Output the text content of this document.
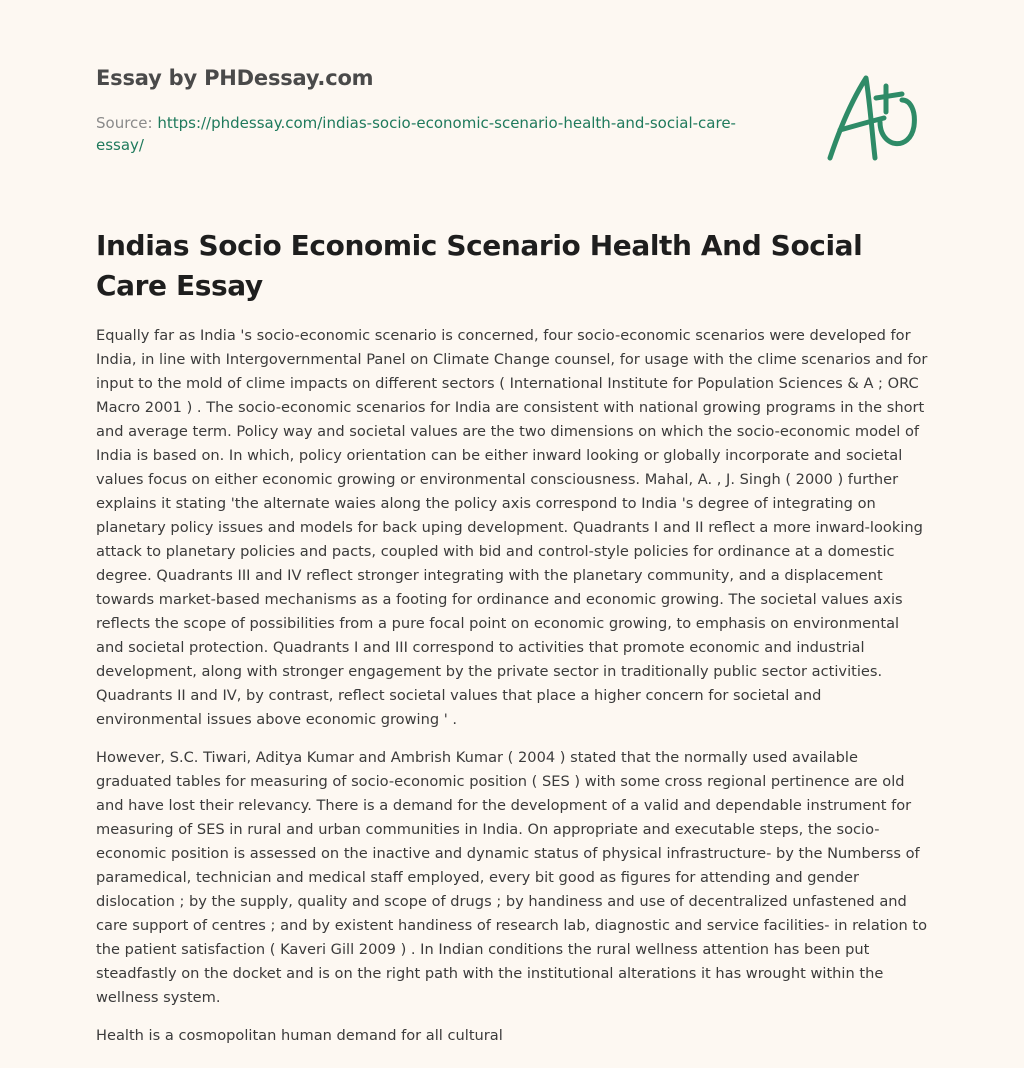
Essay by PHDessay.com
Source: https://phdessay.com/indias-socio-economic-scenario-health-and-social-care-essay/
Indias Socio Economic Scenario Health And Social Care Essay

Equally far as India 's socio-economic scenario is concerned, four socio-economic scenarios were developed for India, in line with Intergovernmental Panel on Climate Change counsel, for usage with the clime scenarios and for input to the mold of clime impacts on different sectors ( International Institute for Population Sciences & A ; ORC Macro 2001 ) . The socio-economic scenarios for India are consistent with national growing programs in the short and average term. Policy way and societal values are the two dimensions on which the socio-economic model of India is based on. In which, policy orientation can be either inward looking or globally incorporate and societal values focus on either economic growing or environmental consciousness. Mahal, A. , J. Singh ( 2000 ) further explains it stating 'the alternate waies along the policy axis correspond to India 's degree of integrating on planetary policy issues and models for back uping development. Quadrants I and II reflect a more inward-looking attack to planetary policies and pacts, coupled with bid and control-style policies for ordinance at a domestic degree. Quadrants III and IV reflect stronger integrating with the planetary community, and a displacement towards market-based mechanisms as a footing for ordinance and economic growing. The societal values axis reflects the scope of possibilities from a pure focal point on economic growing, to emphasis on environmental and societal protection. Quadrants I and III correspond to activities that promote economic and industrial development, along with stronger engagement by the private sector in traditionally public sector activities. Quadrants II and IV, by contrast, reflect societal values that place a higher concern for societal and environmental issues above economic growing ' .

However, S.C. Tiwari, Aditya Kumar and Ambrish Kumar ( 2004 ) stated that the normally used available graduated tables for measuring of socio-economic position ( SES ) with some cross regional pertinence are old and have lost their relevancy. There is a demand for the development of a valid and dependable instrument for measuring of SES in rural and urban communities in India. On appropriate and executable steps, the socio-economic position is assessed on the inactive and dynamic status of physical infrastructure- by the Numberss of paramedical, technician and medical staff employed, every bit good as figures for attending and gender dislocation ; by the supply, quality and scope of drugs ; by handiness and use of decentralized unfastened and care support of centres ; and by existent handiness of research lab, diagnostic and service facilities- in relation to the patient satisfaction ( Kaveri Gill 2009 ) . In Indian conditions the rural wellness attention has been put steadfastly on the docket and is on the right path with the institutional alterations it has wrought within the wellness system.

Health is a cosmopolitan human demand for all cultural
